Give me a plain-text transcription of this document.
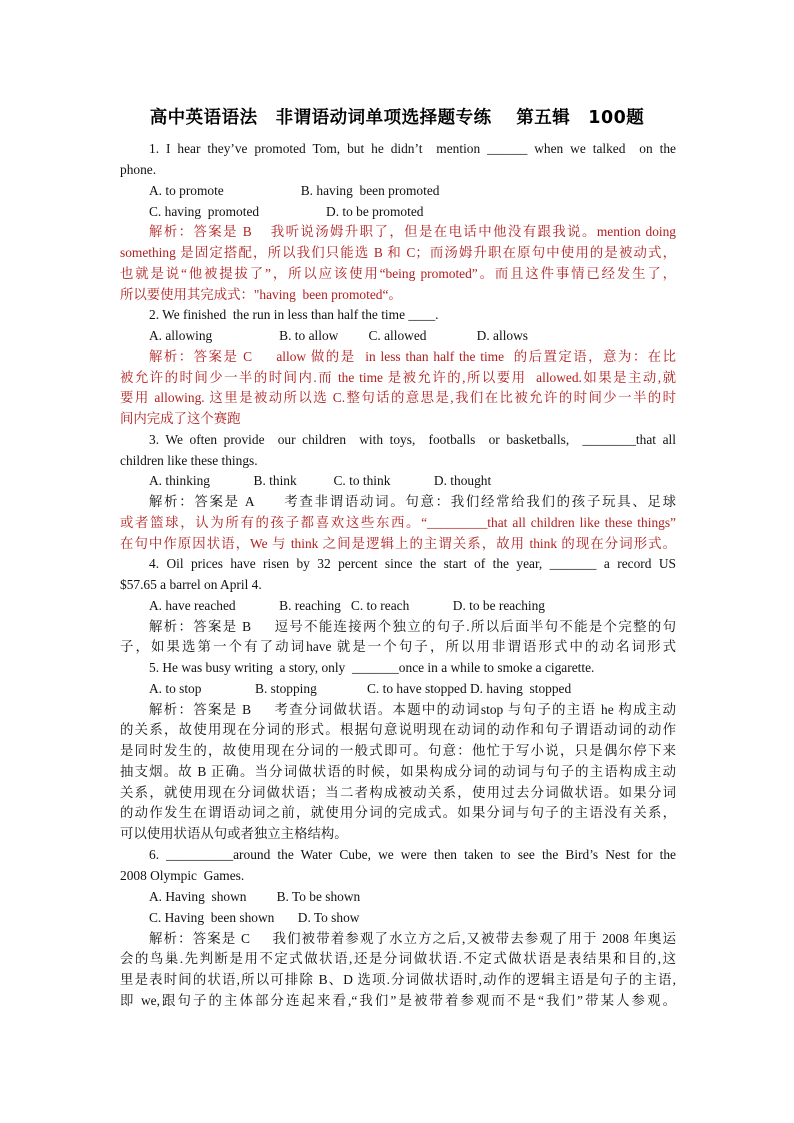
高中英语语法　非谓语动词单项选择题专练　 第五辑　100题
1. I hear they’ve promoted Tom, but he didn’t  mention ______ when we talked  on the
phone.
A. to promote                       B. having  been promoted
C. having  promoted                    D. to be promoted
解析：答案是 B    我听说汤姆升职了，但是在电话中他没有跟我说。mention doing
something 是固定搭配，所以我们只能选 B 和 C；而汤姆升职在原句中使用的是被动式，
也就是说“他被提拔了”，所以应该使用“being promoted”。而且这件事情已经发生了，
所以要使用其完成式："having  been promoted“。
2. We finished  the run in less than half the time ____.
A. allowing                    B. to allow         C. allowed               D. allows
解析：答案是 C     allow 做的是  in less than half the time  的后置定语，意为：在比
被允许的时间少一半的时间内.而 the time 是被允许的,所以要用  allowed.如果是主动,就
要用 allowing. 这里是被动所以选 C.整句话的意思是,我们在比被允许的时间少一半的时
间内完成了这个赛跑
3. We often provide  our children  with toys,  footballs  or basketballs,  ________that all
children like these things.
A. thinking             B. think           C. to think             D. thought
解析：答案是 A      考查非谓语动词。句意：我们经常给我们的孩子玩具、足球
或者篮球，认为所有的孩子都喜欢这些东西。“_________that all children like these things”
在句中作原因状语，We 与 think 之间是逻辑上的主谓关系，故用 think 的现在分词形式。
4. Oil prices have risen by 32 percent since the start of the year, _______ a record US
$57.65 a barrel on April 4.
A. have reached             B. reaching   C. to reach             D. to be reaching
解析：答案是 B     逗号不能连接两个独立的句子.所以后面半句不能是个完整的句
子，如果选第一个有了动词have 就是一个句子，所以用非谓语形式中的动名词形式
5. He was busy writing  a story, only  _______once in a while to smoke a cigarette.
A. to stop                B. stopping               C. to have stopped D. having  stopped
解析：答案是 B     考查分词做状语。本题中的动词stop 与句子的主语 he 构成主动
的关系，故使用现在分词的形式。根据句意说明现在动词的动作和句子谓语动词的动作
是同时发生的，故使用现在分词的一般式即可。句意：他忙于写小说，只是偶尔停下来
抽支烟。故 B 正确。当分词做状语的时候，如果构成分词的动词与句子的主语构成主动
关系，就使用现在分词做状语；当二者构成被动关系，使用过去分词做状语。如果分词
的动作发生在谓语动词之前，就使用分词的完成式。如果分词与句子的主语没有关系，
可以使用状语从句或者独立主格结构。
6. __________around the Water Cube, we were then taken to see the Bird’s Nest for the
2008 Olympic  Games.
A. Having  shown         B. To be shown
C. Having  been shown       D. To show
解析：答案是 C     我们被带着参观了水立方之后,又被带去参观了用于 2008 年奥运
会的鸟巢.先判断是用不定式做状语,还是分词做状语.不定式做状语是表结果和目的,这
里是表时间的状语,所以可排除 B、D 选项.分词做状语时,动作的逻辑主语是句子的主语,
即 we,跟句子的主体部分连起来看,“我们”是被带着参观而不是“我们”带某人参观。
